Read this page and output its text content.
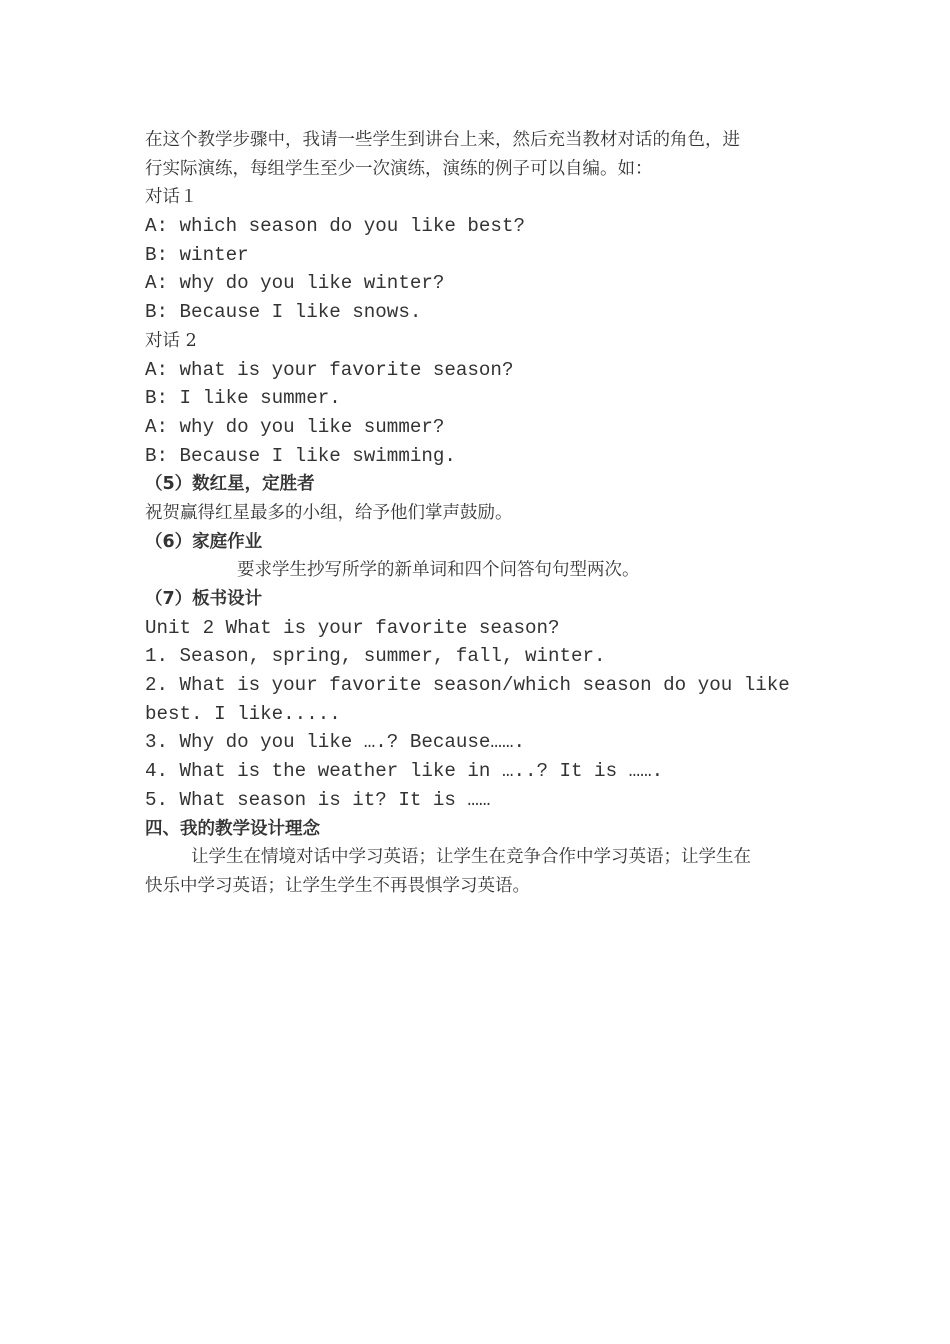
在这个教学步骤中，我请一些学生到讲台上来，然后充当教材对话的角色，进
行实际演练，每组学生至少一次演练，演练的例子可以自编。如：
对话１
A: which season do you like best?
B: winter
A: why do you like winter?
B: Because I like snows.
对话 2
A: what is your favorite season?
B: I like summer.
A: why do you like summer?
B: Because I like swimming.
（5）数红星，定胜者
祝贺赢得红星最多的小组，给予他们掌声鼓励。
（6）家庭作业
要求学生抄写所学的新单词和四个问答句句型两次。
（7）板书设计
Unit 2 What is your favorite season?
1. Season, spring, summer, fall, winter.
2. What is your favorite season/which season do you like
best. I like.....
3. Why do you like ….? Because…….
4. What is the weather like in …..? It is …….
5. What season is it? It is ……
四、我的教学设计理念
让学生在情境对话中学习英语；让学生在竞争合作中学习英语；让学生在
快乐中学习英语；让学生学生不再畏惧学习英语。
